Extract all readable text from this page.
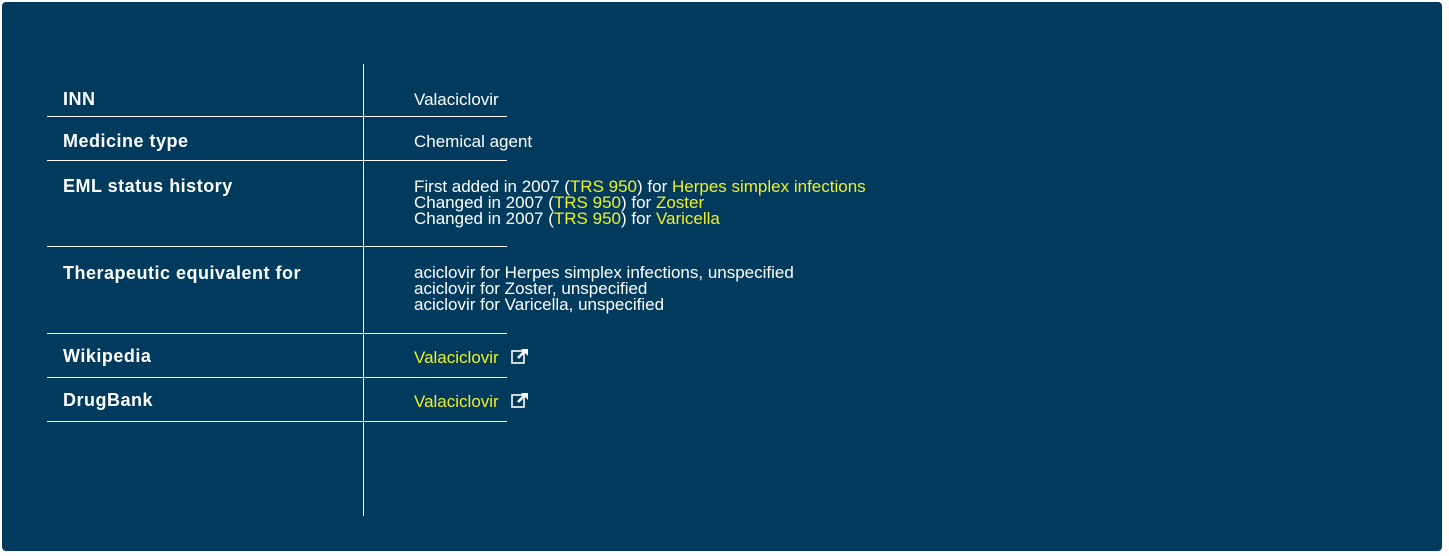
INN	Valaciclovir
Medicine type	Chemical agent
EML status history	First added in 2007 (TRS 950) for Herpes simplex infections
Changed in 2007 (TRS 950) for Zoster
Changed in 2007 (TRS 950) for Varicella
Therapeutic equivalent for	aciclovir for Herpes simplex infections, unspecified
aciclovir for Zoster, unspecified
aciclovir for Varicella, unspecified
Wikipedia	Valaciclovir
DrugBank	Valaciclovir
